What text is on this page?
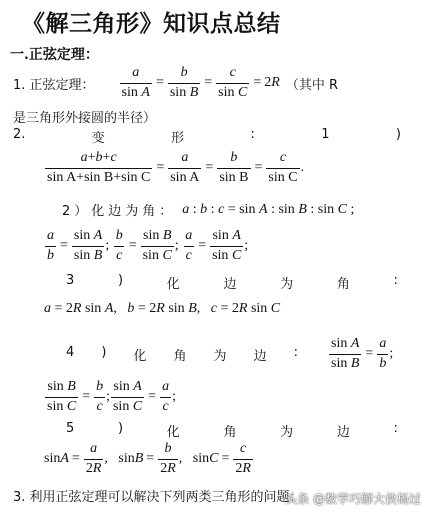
《解三角形》知识点总结
一.正弦定理：
1. 正弦定理： $\frac{a}{\text{sin A}} = \frac{b}{\text{sin B}} = \frac{c}{\text{sin C}} = 2R$ （其中 R
是三角形外接圆的半径）
2.	变	形	:	1	)
$\frac{a+b+c}{\text{sin A+sin B+sin C}} = \frac{a}{\text{sin A}} = \frac{b}{\text{sin B}} = \frac{c}{\text{sin C}}$ .
2）化边为角： a : b : c = sin A : sin B : sin C ;
$\frac{a}{b} = \frac{\text{sin A}}{\text{sin B}}$ ; $\frac{b}{c} = \frac{\text{sin B}}{\text{sin C}}$ ; $\frac{a}{c} = \frac{\text{sin A}}{\text{sin C}}$ ;
3	)	化	边	为	角	:
a = 2R sin A,   b = 2R sin B,   c = 2R sin C
4 ) 化 角 为 边 : $\frac{\text{sin A}}{\text{sin B}} = \frac{a}{b}$ ;
$\frac{\text{sin B}}{\text{sin C}} = \frac{b}{c}$ ; $\frac{\text{sin A}}{\text{sin C}} = \frac{a}{c}$ ;
5	)	化	角	为	边	:
$\sin A = \frac{a}{2R}$ ,   $\sin B = \frac{b}{2R}$ ,   $\sin C = \frac{c}{2R}$
3. 利用正弦定理可以解决下列两类三角形的问题：
头条 @数学巧解大侠杨过
